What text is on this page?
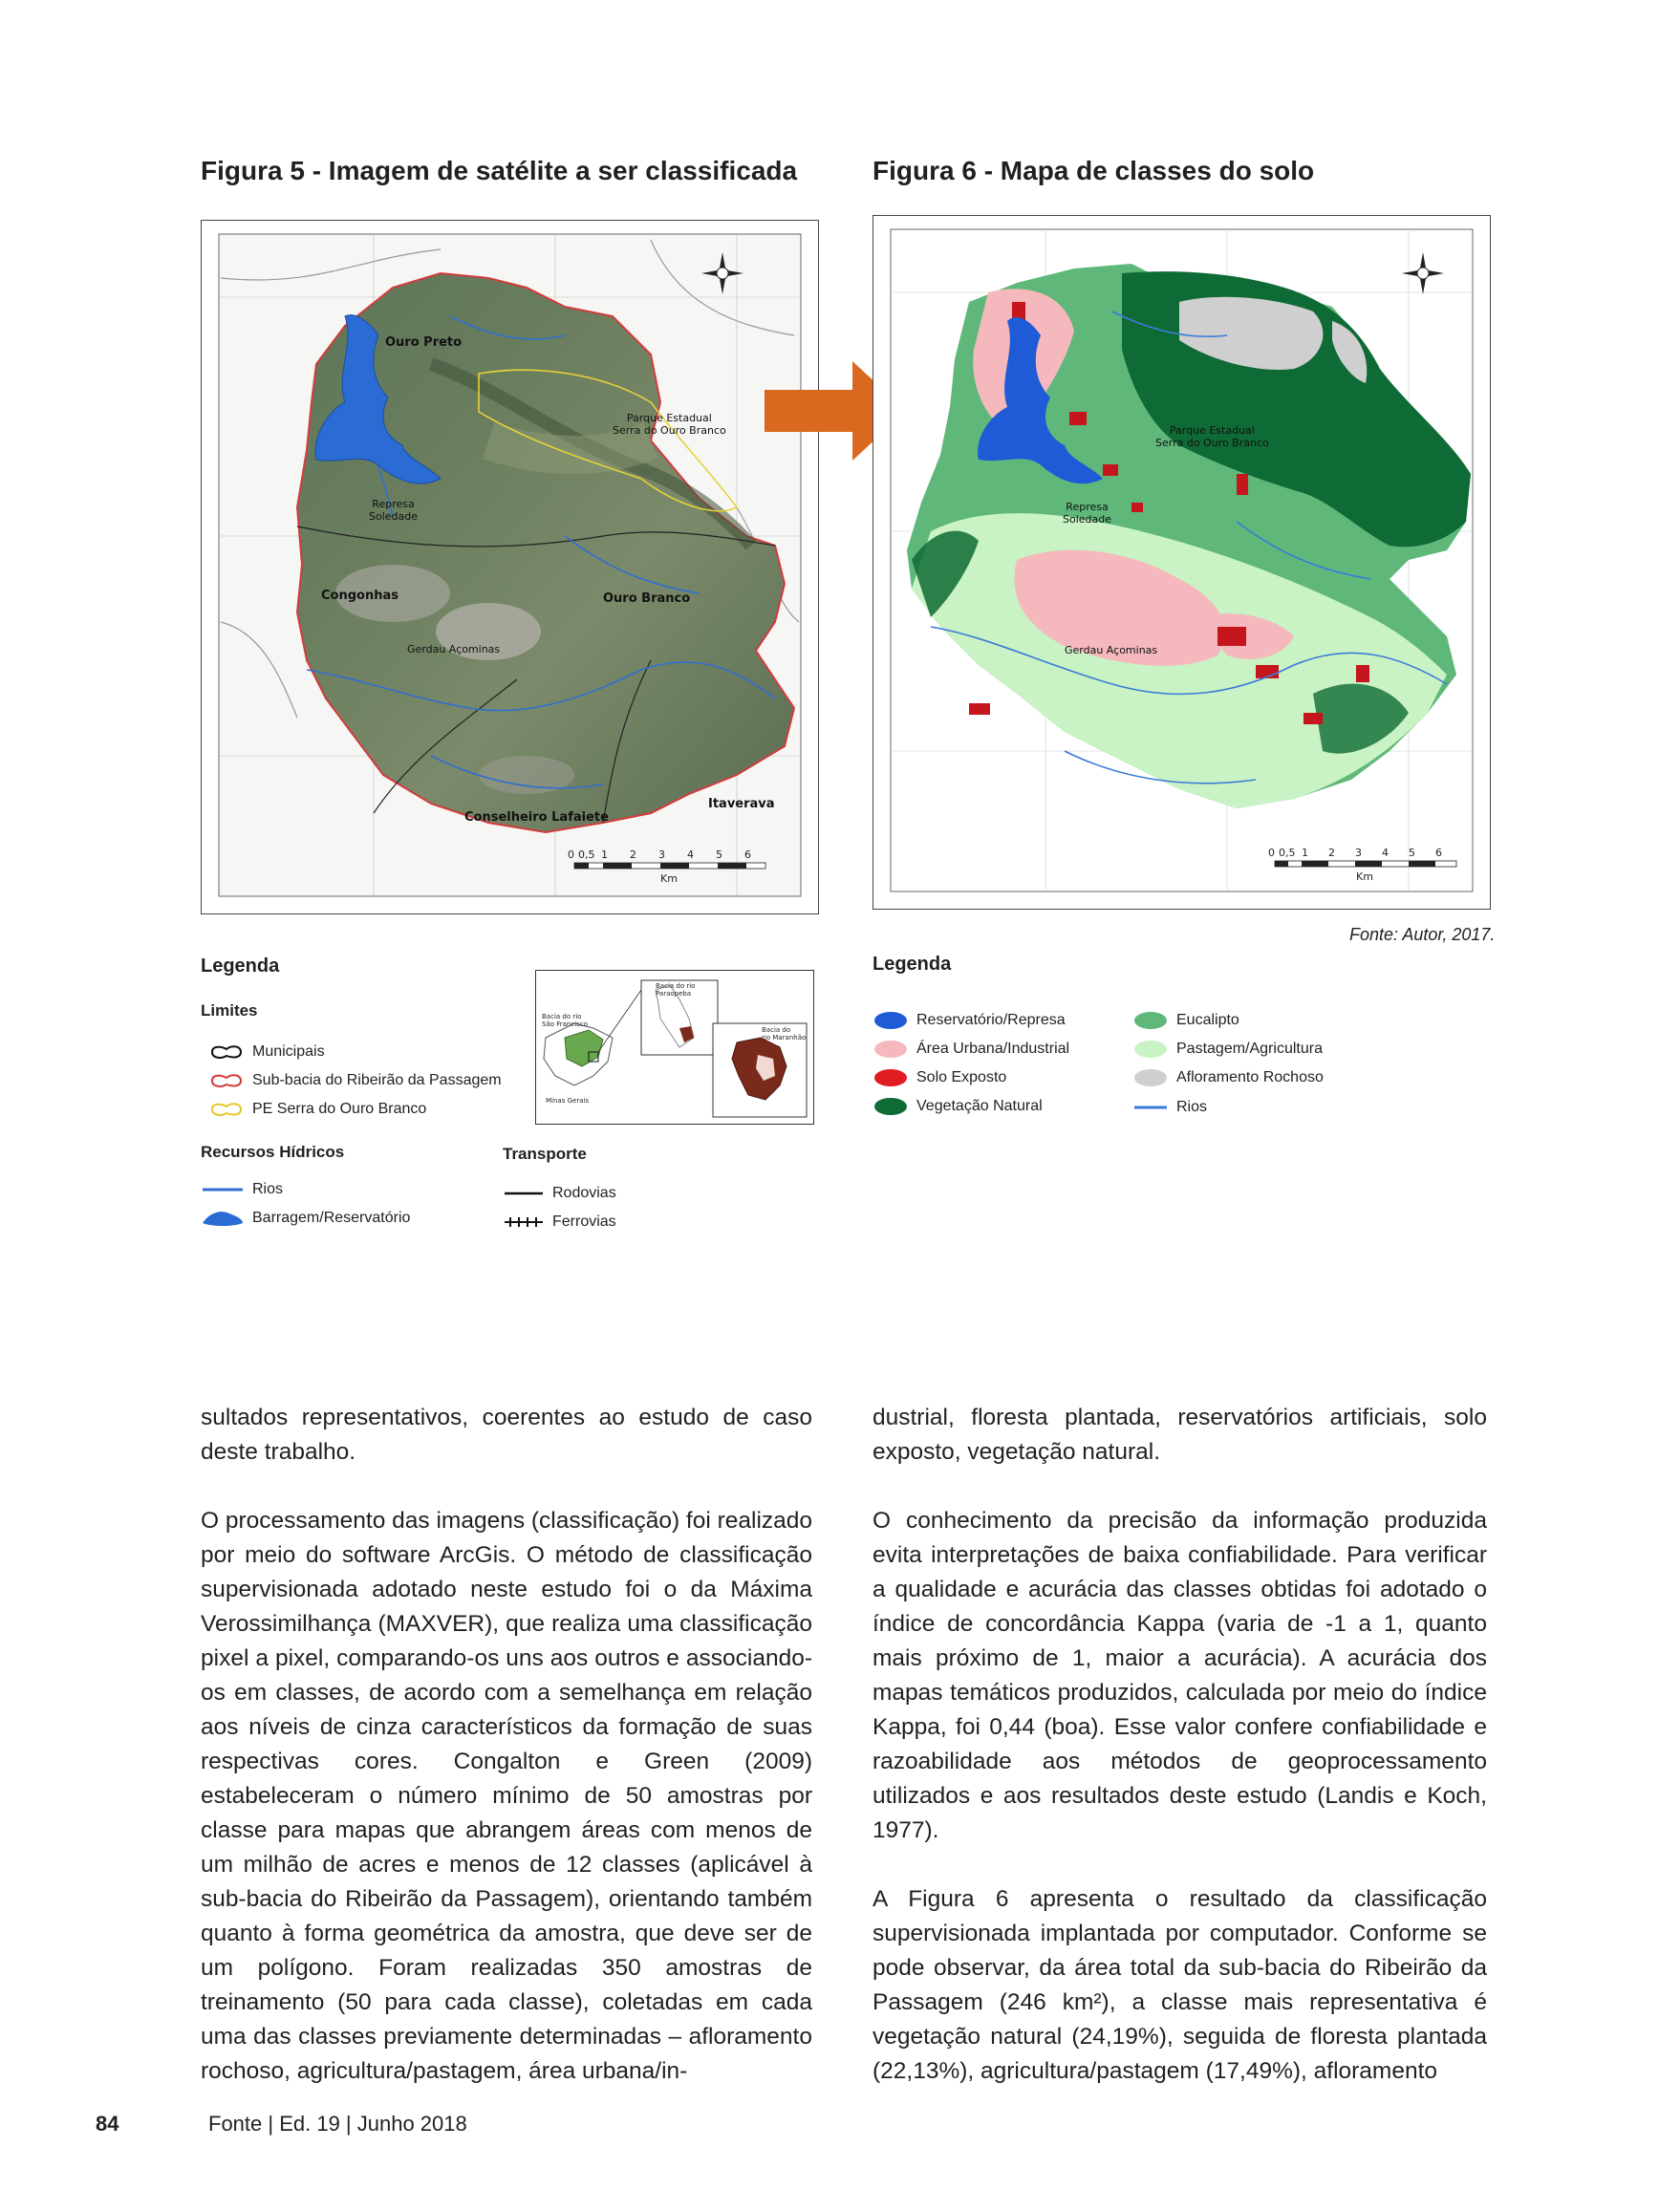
Figura 5 - Imagem de satélite a ser classificada	Figura 6 - Mapa de classes do solo
Ouro Preto
Parque Estadual
Serra do Ouro Branco
Represa
Soledade
Congonhas	Ouro Branco
Gerdau Açominas
Conselheiro Lafaiete
Itaverava
0 0,5 1 2 3 4 5 6
Km
Parque Estadual
Serra do Ouro Branco
Represa
Soledade
Gerdau Açominas
0 0,5 1 2 3 4 5 6
Km
Fonte: Autor, 2017.
Legenda
Limites
Municipais
Sub-bacia do Ribeirão da Passagem
PE Serra do Ouro Branco
Recursos Hídricos
Rios
Barragem/Reservatório
Transporte
Rodovias
Ferrovias
Bacia do rio
São Francisco
Minas Gerais
Bacia do rio
Paraopeba
Bacia do
rio Maranhão
Legenda
Reservatório/Represa
Área Urbana/Industrial
Solo Exposto
Vegetação Natural
Eucalipto
Pastagem/Agricultura
Afloramento Rochoso
Rios

sultados representativos, coerentes ao estudo de caso deste trabalho.

O processamento das imagens (classificação) foi realizado por meio do software ArcGis. O método de classificação supervisionada adotado neste estudo foi o da Máxima Verossimilhança (MAXVER), que realiza uma classificação pixel a pixel, comparando-os uns aos outros e associando-os em classes, de acordo com a semelhança em relação aos níveis de cinza característicos da formação de suas respectivas cores. Congalton e Green (2009) estabeleceram o número mínimo de 50 amostras por classe para mapas que abrangem áreas com menos de um milhão de acres e menos de 12 classes (aplicável à sub-bacia do Ribeirão da Passagem), orientando também quanto à forma geométrica da amostra, que deve ser de um polígono. Foram realizadas 350 amostras de treinamento (50 para cada classe), coletadas em cada uma das classes previamente determinadas – afloramento rochoso, agricultura/pastagem, área urbana/in-

dustrial, floresta plantada, reservatórios artificiais, solo exposto, vegetação natural.

O conhecimento da precisão da informação produzida evita interpretações de baixa confiabilidade. Para verificar a qualidade e acurácia das classes obtidas foi adotado o índice de concordância Kappa (varia de -1 a 1, quanto mais próximo de 1, maior a acurácia). A acurácia dos mapas temáticos produzidos, calculada por meio do índice Kappa, foi 0,44 (boa). Esse valor confere confiabilidade e razoabilidade aos métodos de geoprocessamento utilizados e aos resultados deste estudo (Landis e Koch, 1977).

A Figura 6 apresenta o resultado da classificação supervisionada implantada por computador. Conforme se pode observar, da área total da sub-bacia do Ribeirão da Passagem (246 km²), a classe mais representativa é vegetação natural (24,19%), seguida de floresta plantada (22,13%), agricultura/pastagem (17,49%), afloramento

84	Fonte | Ed. 19 | Junho 2018
